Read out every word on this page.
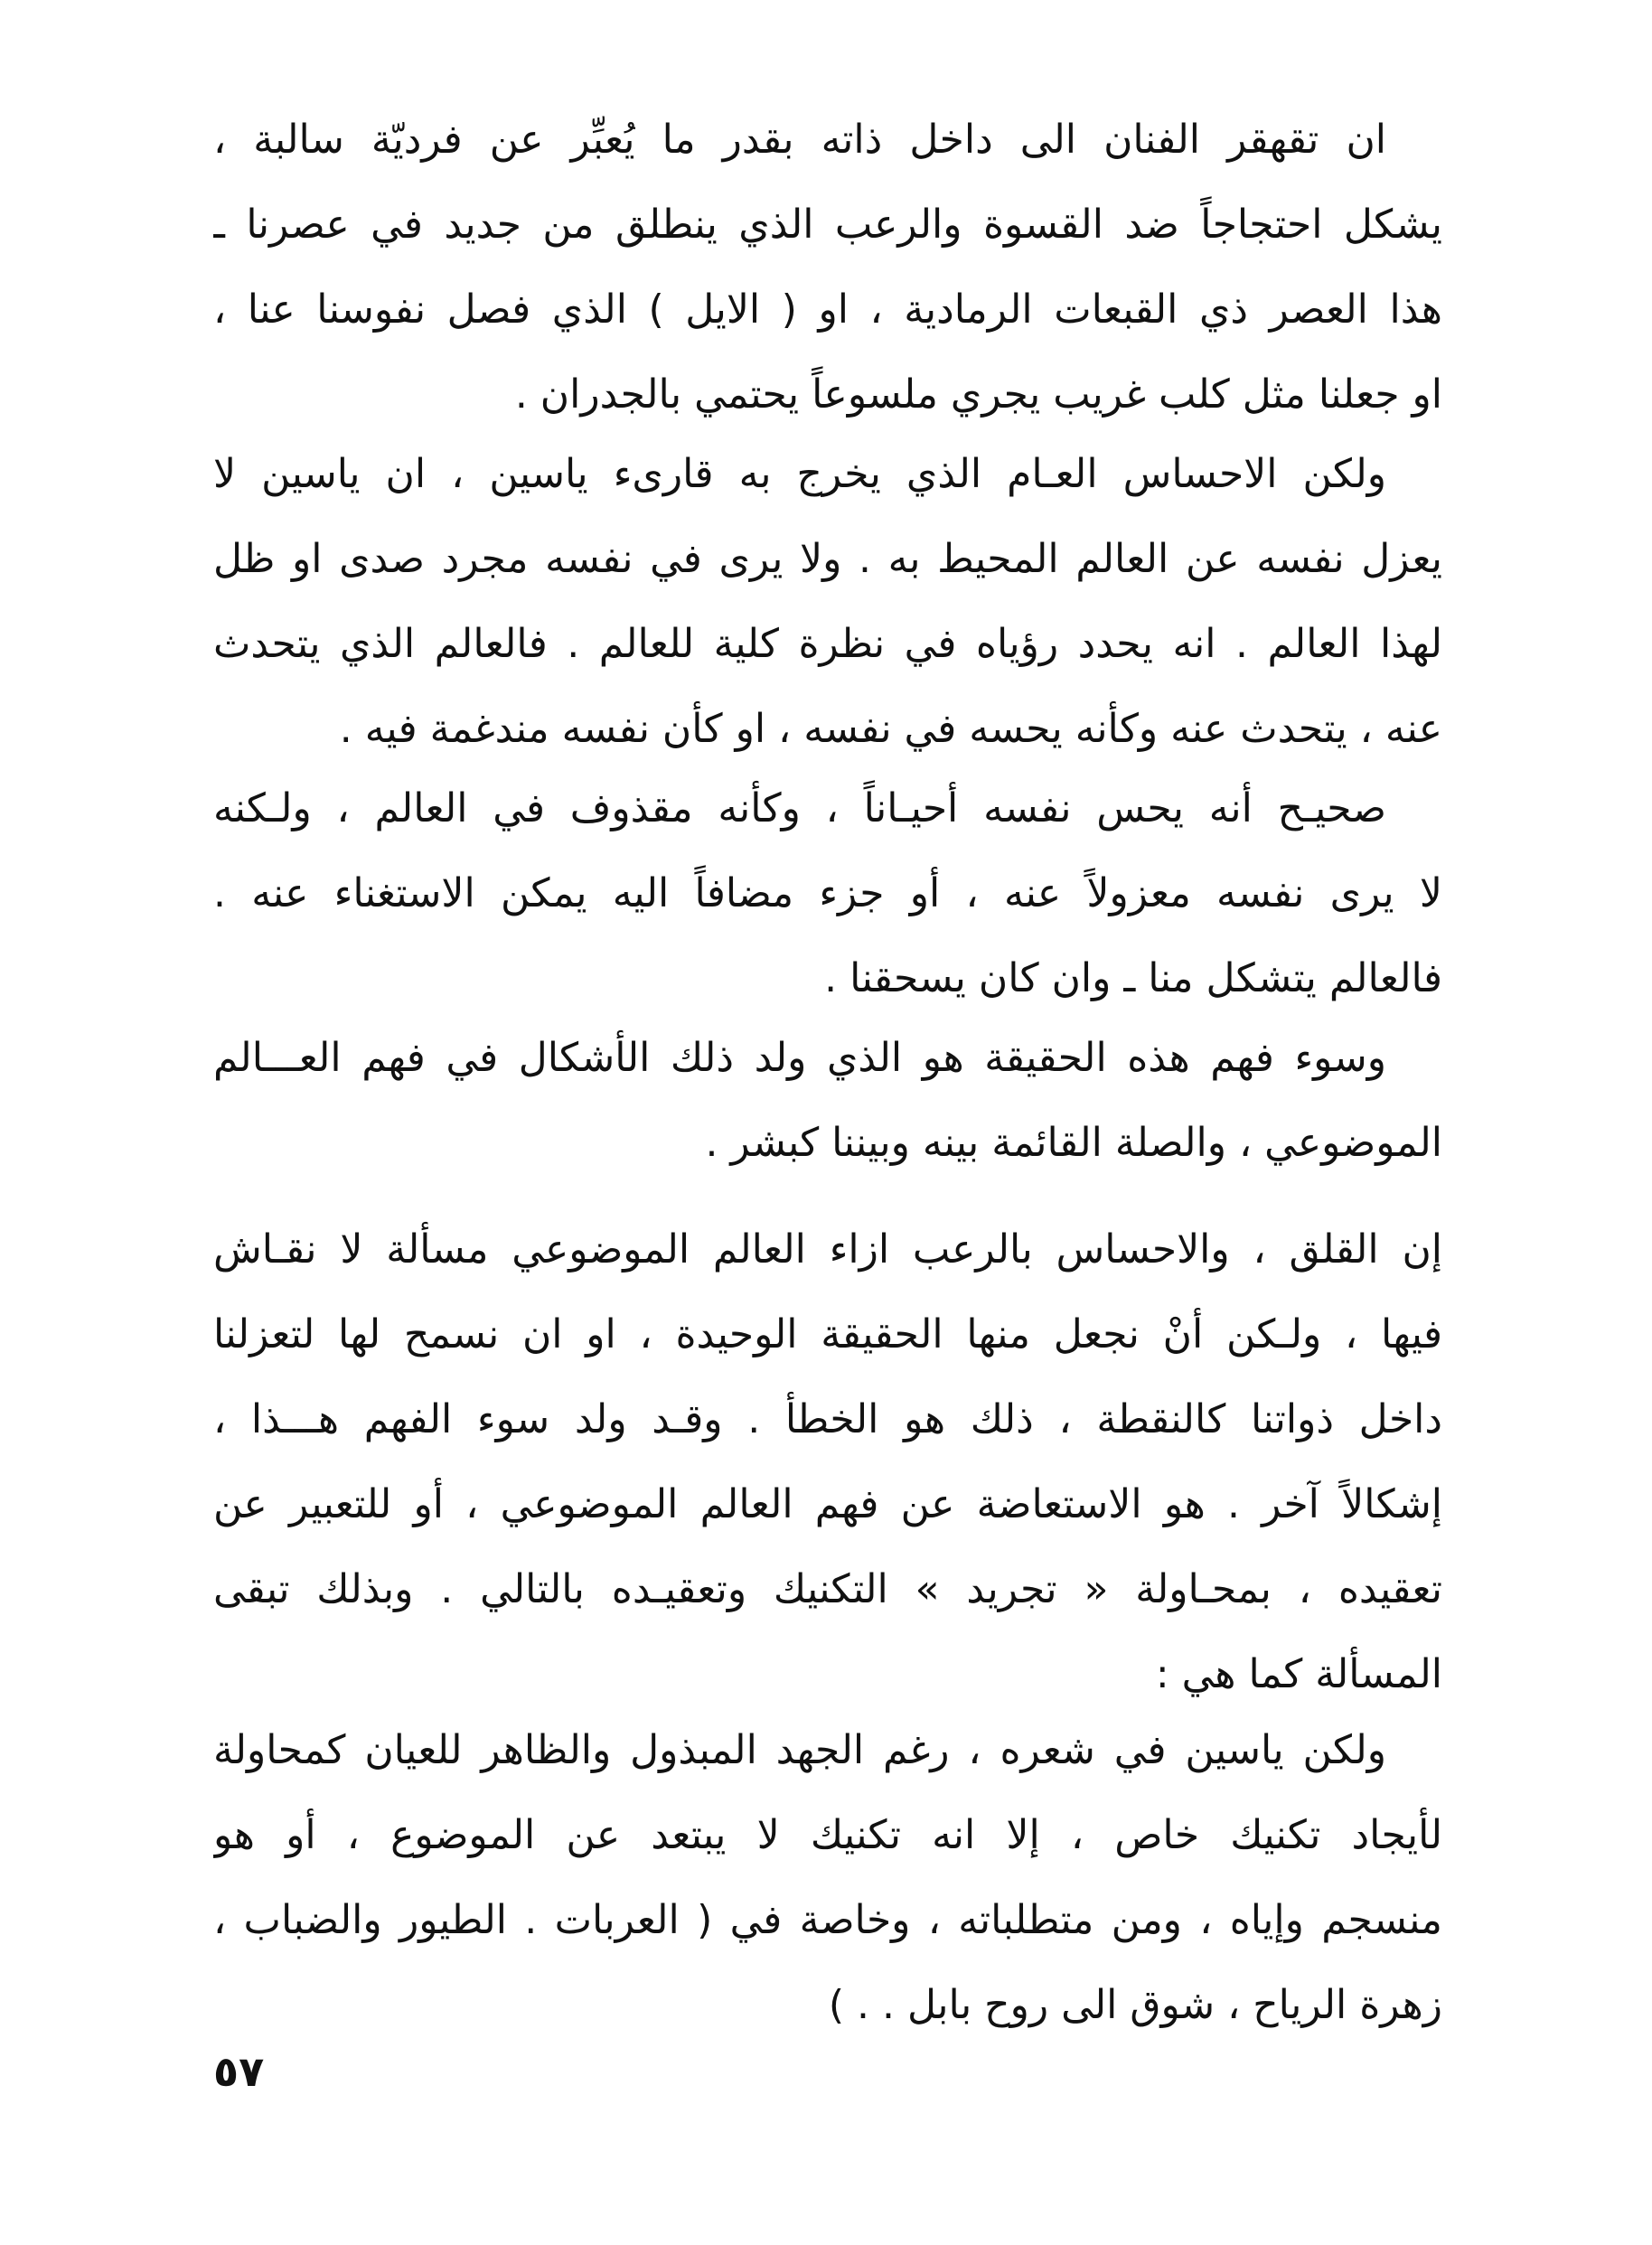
ان تقهقر الفنان الى داخل ذاته بقدر ما يُعبِّر عن فرديّة سالبة ،
يشكل احتجاجاً ضد القسوة والرعب الذي ينطلق من جديد في عصرنا ـ
هذا العصر ذي القبعات الرمادية ، او ( الايل ) الذي فصل نفوسنا عنا ،
او جعلنا مثل كلب غريب يجري ملسوعاً يحتمي بالجدران .
ولكن الاحساس العـام الذي يخرج به قارىء ياسين ، ان ياسين لا
يعزل نفسه عن العالم المحيط به . ولا يرى في نفسه مجرد صدى او ظل
لهذا العالم . انه يحدد رؤياه في نظرة كلية للعالم . فالعالم الذي يتحدث
عنه ، يتحدث عنه وكأنه يحسه في نفسه ، او كأن نفسه مندغمة فيه .
صحيـح أنه يحس نفسه أحيـاناً ، وكأنه مقذوف في العالم ، ولـكنه
لا يرى نفسه معزولاً عنه ، أو جزء مضافاً اليه يمكن الاستغناء عنه .
فالعالم يتشكل منا ـ وان كان يسحقنا .
وسوء فهم هذه الحقيقة هو الذي ولد ذلك الأشكال في فهم العـــالم
الموضوعي ، والصلة القائمة بينه وبيننا كبشر .
إن القلق ، والاحساس بالرعب ازاء العالم الموضوعي مسألة لا نقـاش
فيها ، ولـكن أنْ نجعل منها الحقيقة الوحيدة ، او ان نسمح لها لتعزلنا
داخل ذواتنا كالنقطة ، ذلك هو الخطأ . وقـد ولد سوء الفهم هـــذا ،
إشكالاً آخر . هو الاستعاضة عن فهم العالم الموضوعي ، أو للتعبير عن
تعقيده ، بمحـاولة « تجريد » التكنيك وتعقيـده بالتالي . وبذلك تبقى
المسألة كما هي :
ولكن ياسين في شعره ، رغم الجهد المبذول والظاهر للعيان كمحاولة
لأيجاد تكنيك خاص ، إلا انه تكنيك لا يبتعد عن الموضوع ، أو هو
منسجم وإياه ، ومن متطلباته ، وخاصة في ( العربات . الطيور والضباب ،
زهرة الرياح ، شوق الى روح بابل . . )
٥٧
